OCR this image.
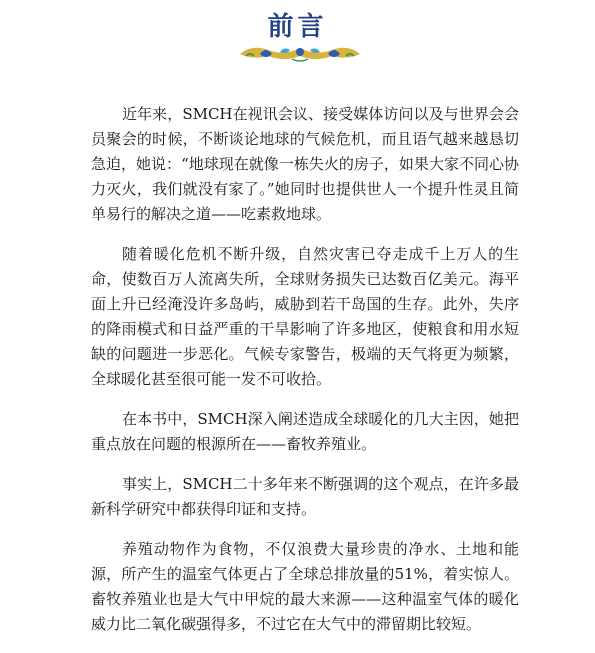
前言

近年来，SMCH在视讯会议、接受媒体访问以及与世界会会员聚会的时候，不断谈论地球的气候危机，而且语气越来越恳切急迫，她说：“地球现在就像一栋失火的房子，如果大家不同心协力灭火，我们就没有家了。”她同时也提供世人一个提升性灵且简单易行的解决之道——吃素救地球。

随着暖化危机不断升级，自然灾害已夺走成千上万人的生命，使数百万人流离失所，全球财务损失已达数百亿美元。海平面上升已经淹没许多岛屿，威胁到若干岛国的生存。此外，失序的降雨模式和日益严重的干旱影响了许多地区，使粮食和用水短缺的问题进一步恶化。气候专家警告，极端的天气将更为频繁，全球暖化甚至很可能一发不可收拾。

在本书中，SMCH深入阐述造成全球暖化的几大主因，她把重点放在问题的根源所在——畜牧养殖业。

事实上，SMCH二十多年来不断强调的这个观点，在许多最新科学研究中都获得印证和支持。

养殖动物作为食物，不仅浪费大量珍贵的净水、土地和能源，所产生的温室气体更占了全球总排放量的51%，着实惊人。畜牧养殖业也是大气中甲烷的最大来源——这种温室气体的暖化威力比二氧化碳强得多，不过它在大气中的滞留期比较短。
